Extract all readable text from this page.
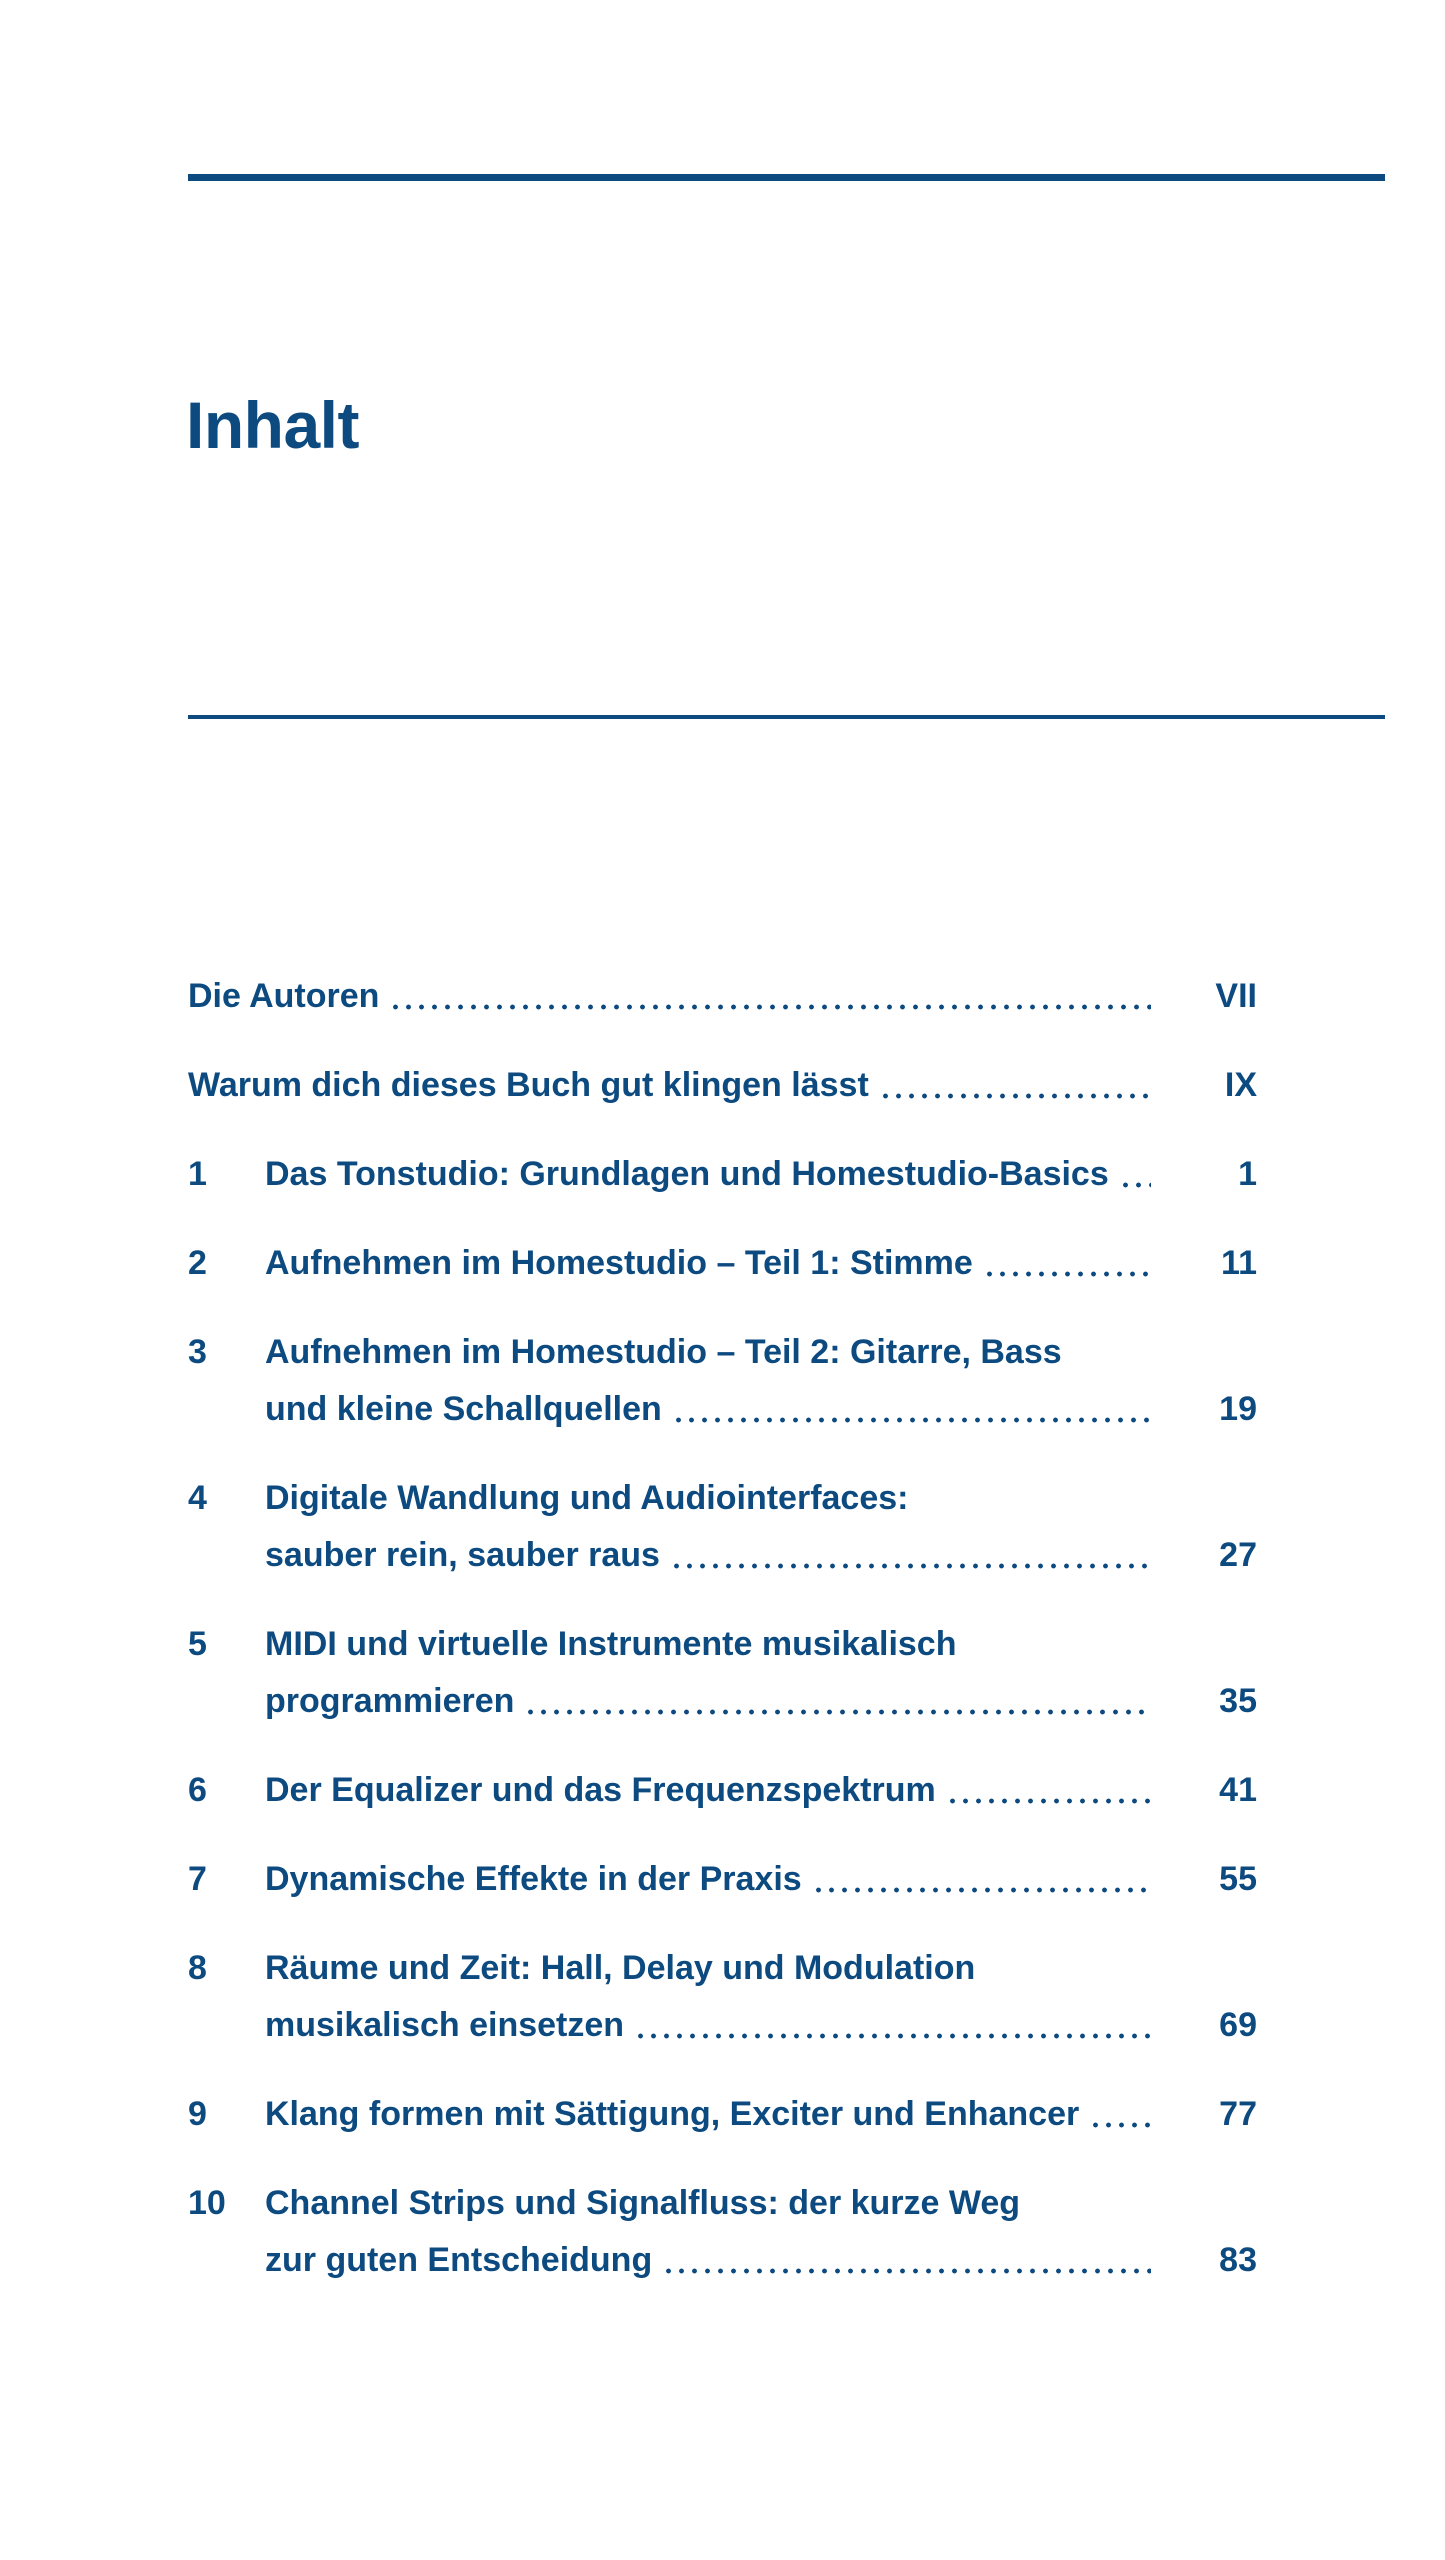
Inhalt
Die Autoren	VII
Warum dich dieses Buch gut klingen lässt	IX
1 Das Tonstudio: Grundlagen und Homestudio-Basics	1
2 Aufnehmen im Homestudio – Teil 1: Stimme	11
3 Aufnehmen im Homestudio – Teil 2: Gitarre, Bass
und kleine Schallquellen	19
4 Digitale Wandlung und Audiointerfaces:
sauber rein, sauber raus	27
5 MIDI und virtuelle Instrumente musikalisch
programmieren	35
6 Der Equalizer und das Frequenzspektrum	41
7 Dynamische Effekte in der Praxis	55
8 Räume und Zeit: Hall, Delay und Modulation
musikalisch einsetzen	69
9 Klang formen mit Sättigung, Exciter und Enhancer	77
10 Channel Strips und Signalfluss: der kurze Weg
zur guten Entscheidung	83
